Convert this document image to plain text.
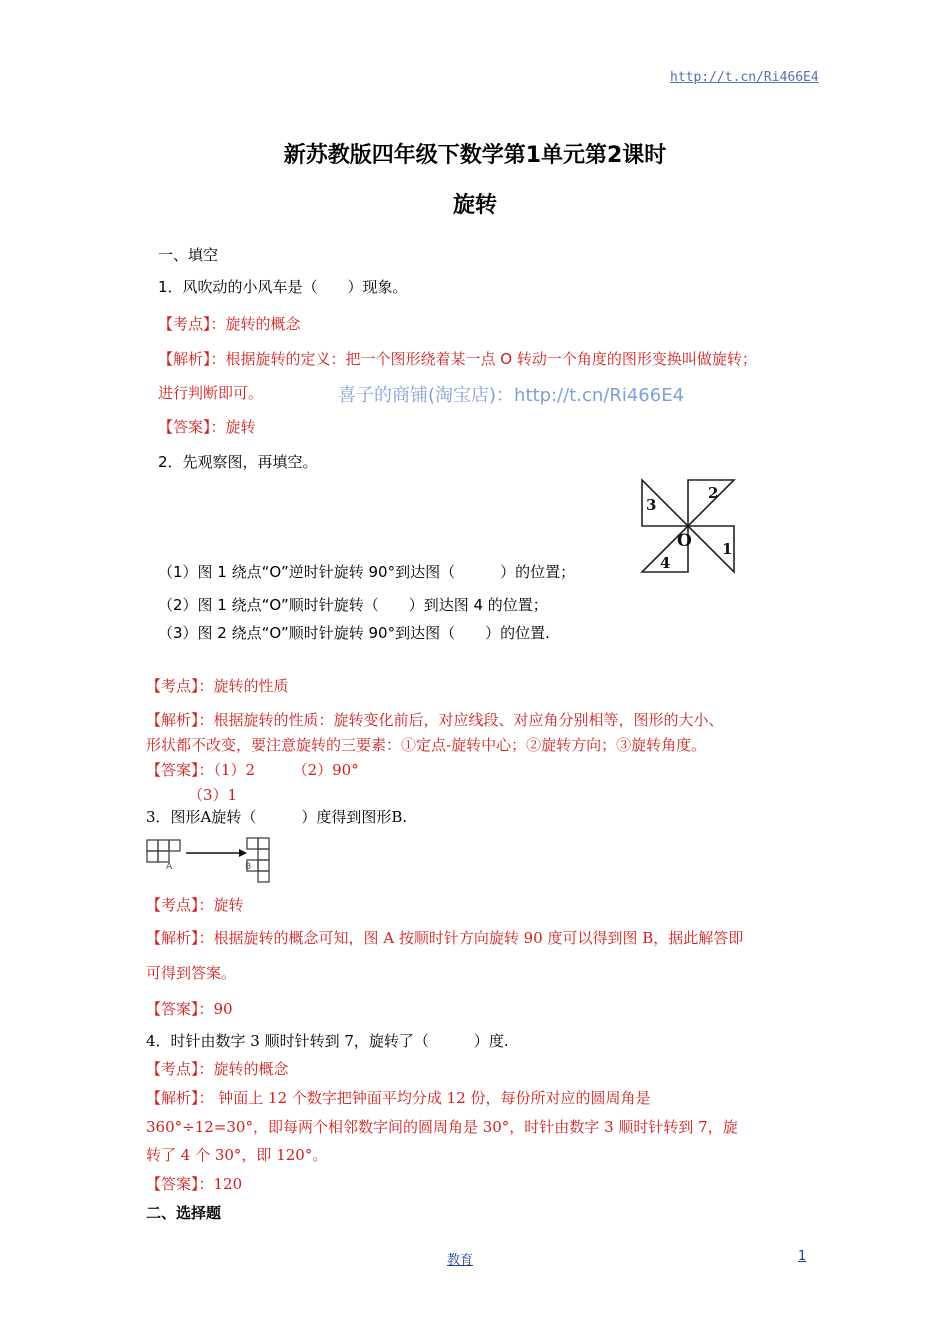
http://t.cn/Ri466E4
新苏教版四年级下数学第1单元第2课时
旋转
一、填空
1．风吹动的小风车是（　　）现象。
【考点】：旋转的概念
【解析】：根据旋转的定义：把一个图形绕着某一点 O 转动一个角度的图形变换叫做旋转；
进行判断即可。	喜子的商铺(淘宝店)：http://t.cn/Ri466E4
【答案】：旋转
2．先观察图，再填空。
2
3
O 1
4
（1）图 1 绕点“O”逆时针旋转 90°到达图（　　　）的位置；
（2）图 1 绕点“O”顺时针旋转（　　）到达图 4 的位置；
（3）图 2 绕点“O”顺时针旋转 90°到达图（　　）的位置.
【考点】：旋转的性质
【解析】：根据旋转的性质：旋转变化前后，对应线段、对应角分别相等，图形的大小、
形状都不改变，要注意旋转的三要素：①定点-旋转中心；②旋转方向；③旋转角度。
【答案】：（1）2　　　（2）90°
（3）1
3．图形A旋转（　　　）度得到图形B.
A	B
【考点】：旋转
【解析】：根据旋转的概念可知，图 A 按顺时针方向旋转 90 度可以得到图 B，据此解答即
可得到答案。
【答案】：90
4．时针由数字 3 顺时针转到 7，旋转了（　　　）度.
【考点】：旋转的概念
【解析】： 钟面上 12 个数字把钟面平均分成 12 份，每份所对应的圆周角是
360°÷12=30°，即每两个相邻数字间的圆周角是 30°，时针由数字 3 顺时针转到 7，旋
转了 4 个 30°，即 120°。
【答案】：120
二、选择题
教育	1
